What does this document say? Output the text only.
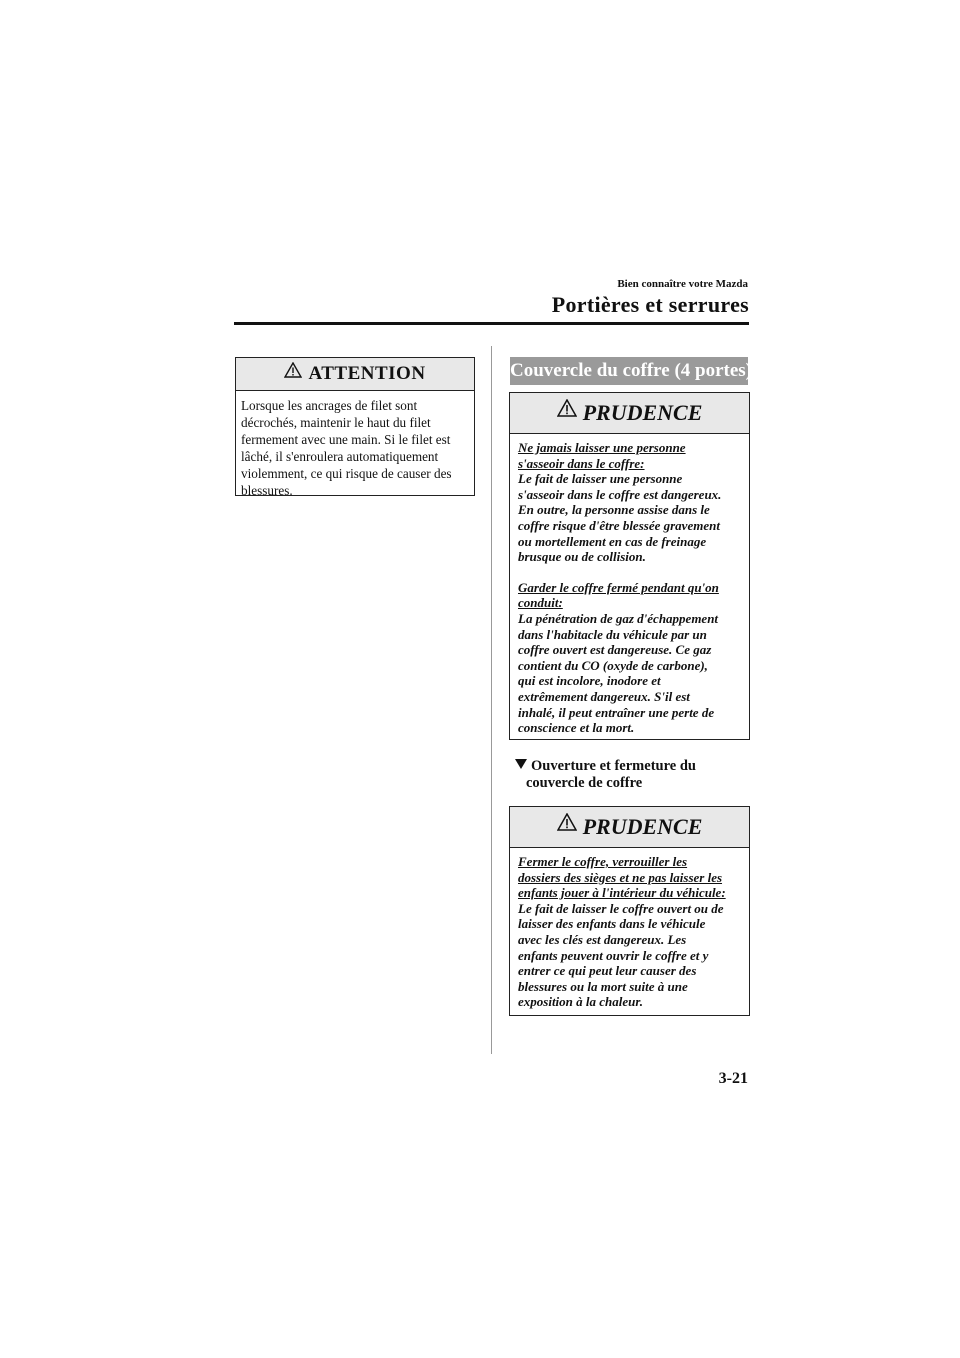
Bien connaître votre Mazda
Portières et serrures
ATTENTION
Lorsque les ancrages de filet sont
décrochés, maintenir le haut du filet
fermement avec une main. Si le filet est
lâché, il s'enroulera automatiquement
violemment, ce qui risque de causer des
blessures.
Couvercle du coffre (4 portes)
PRUDENCE
Ne jamais laisser une personne
s'asseoir dans le coffre:
Le fait de laisser une personne
s'asseoir dans le coffre est dangereux.
En outre, la personne assise dans le
coffre risque d'être blessée gravement
ou mortellement en cas de freinage
brusque ou de collision.
Garder le coffre fermé pendant qu'on
conduit:
La pénétration de gaz d'échappement
dans l'habitacle du véhicule par un
coffre ouvert est dangereuse. Ce gaz
contient du CO (oxyde de carbone),
qui est incolore, inodore et
extrêmement dangereux. S'il est
inhalé, il peut entraîner une perte de
conscience et la mort.
Ouverture et fermeture du
couvercle de coffre
PRUDENCE
Fermer le coffre, verrouiller les
dossiers des sièges et ne pas laisser les
enfants jouer à l'intérieur du véhicule:
Le fait de laisser le coffre ouvert ou de
laisser des enfants dans le véhicule
avec les clés est dangereux. Les
enfants peuvent ouvrir le coffre et y
entrer ce qui peut leur causer des
blessures ou la mort suite à une
exposition à la chaleur.
3-21
